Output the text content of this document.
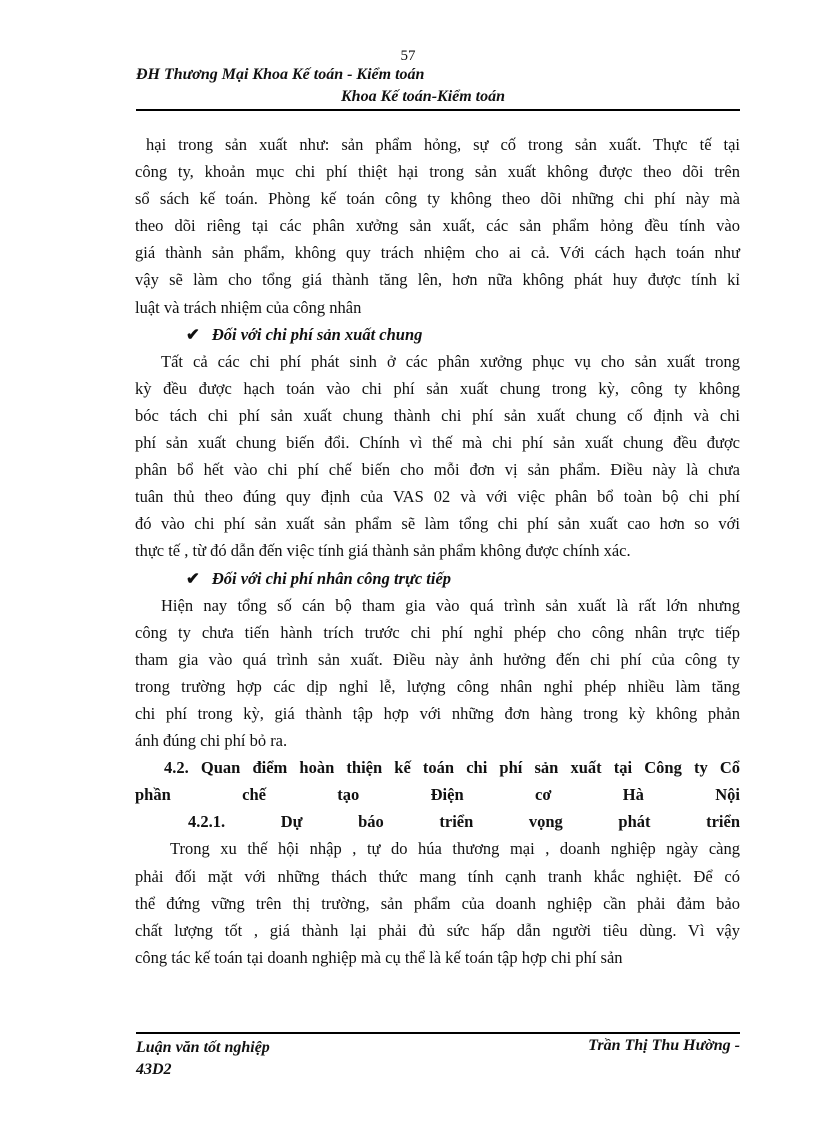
57
ĐH Thương Mại Khoa Kế toán - Kiểm toán
Khoa Kế toán-Kiểm toán

hại trong sản xuất như: sản phẩm hỏng, sự cố trong sản xuất. Thực tế tại

công ty, khoản mục chi phí thiệt hại trong sản xuất không được theo dõi trên

sổ sách kế toán. Phòng kế toán công ty không theo dõi những chi phí này mà

theo dõi riêng tại các phân xưởng sản xuất, các sản phẩm hỏng đều tính vào

giá thành sản phẩm, không quy trách nhiệm cho ai cả. Với cách hạch toán như

vậy sẽ làm cho tổng giá thành tăng lên, hơn nữa không phát huy được tính kỉ

luật và trách nhiệm của công nhân

✔ Đối với chi phí sản xuất chung

Tất cả các chi phí phát sinh ở các phân xưởng phục vụ cho sản xuất trong

kỳ đều được hạch toán vào chi phí sản xuất chung trong kỳ, công ty không

bóc tách chi phí sản xuất chung thành chi phí sản xuất chung cố định và chi

phí sản xuất chung biến đổi. Chính vì thế mà chi phí sản xuất chung đều được

phân bổ hết vào chi phí chế biến cho mỗi đơn vị sản phẩm. Điều này là chưa

tuân thủ theo đúng quy định của VAS 02 và với việc phân bổ toàn bộ chi phí

đó vào chi phí sản xuất sản phẩm sẽ làm tổng chi phí sản xuất cao hơn so với

thực tế , từ đó dẫn đến việc tính giá thành sản phẩm không được chính xác.

✔ Đối với chi phí nhân công trực tiếp

Hiện nay tổng số cán bộ tham gia vào quá trình sản xuất là rất lớn nhưng

công ty chưa tiến hành trích trước chi phí nghỉ phép cho công nhân trực tiếp

tham gia vào quá trình sản xuất. Điều này ảnh hưởng đến chi phí của công ty

trong trường hợp các dịp nghỉ lễ, lượng công nhân nghỉ phép nhiều làm tăng

chi phí trong kỳ, giá thành tập hợp với những đơn hàng trong kỳ không phản

ánh đúng chi phí bỏ ra.

4.2. Quan điểm hoàn thiện kế toán chi phí sản xuất tại Công ty Cổ

phần chế tạo Điện cơ Hà Nội

4.2.1. Dự báo triển vọng phát triển

Trong xu thế hội nhập , tự do húa thương mại , doanh nghiệp ngày càng

phải đối mặt với những thách thức mang tính cạnh tranh khắc nghiệt. Để có

thể đứng vững trên thị trường, sản phẩm của doanh nghiệp cần phải đảm bảo

chất lượng tốt , giá thành lại phải đủ sức hấp dẫn người tiêu dùng. Vì vậy

công tác kế toán tại doanh nghiệp mà cụ thể là kế toán tập hợp chi phí sản

Luận văn tốt nghiệp
43D2
Trần Thị Thu Hường -
